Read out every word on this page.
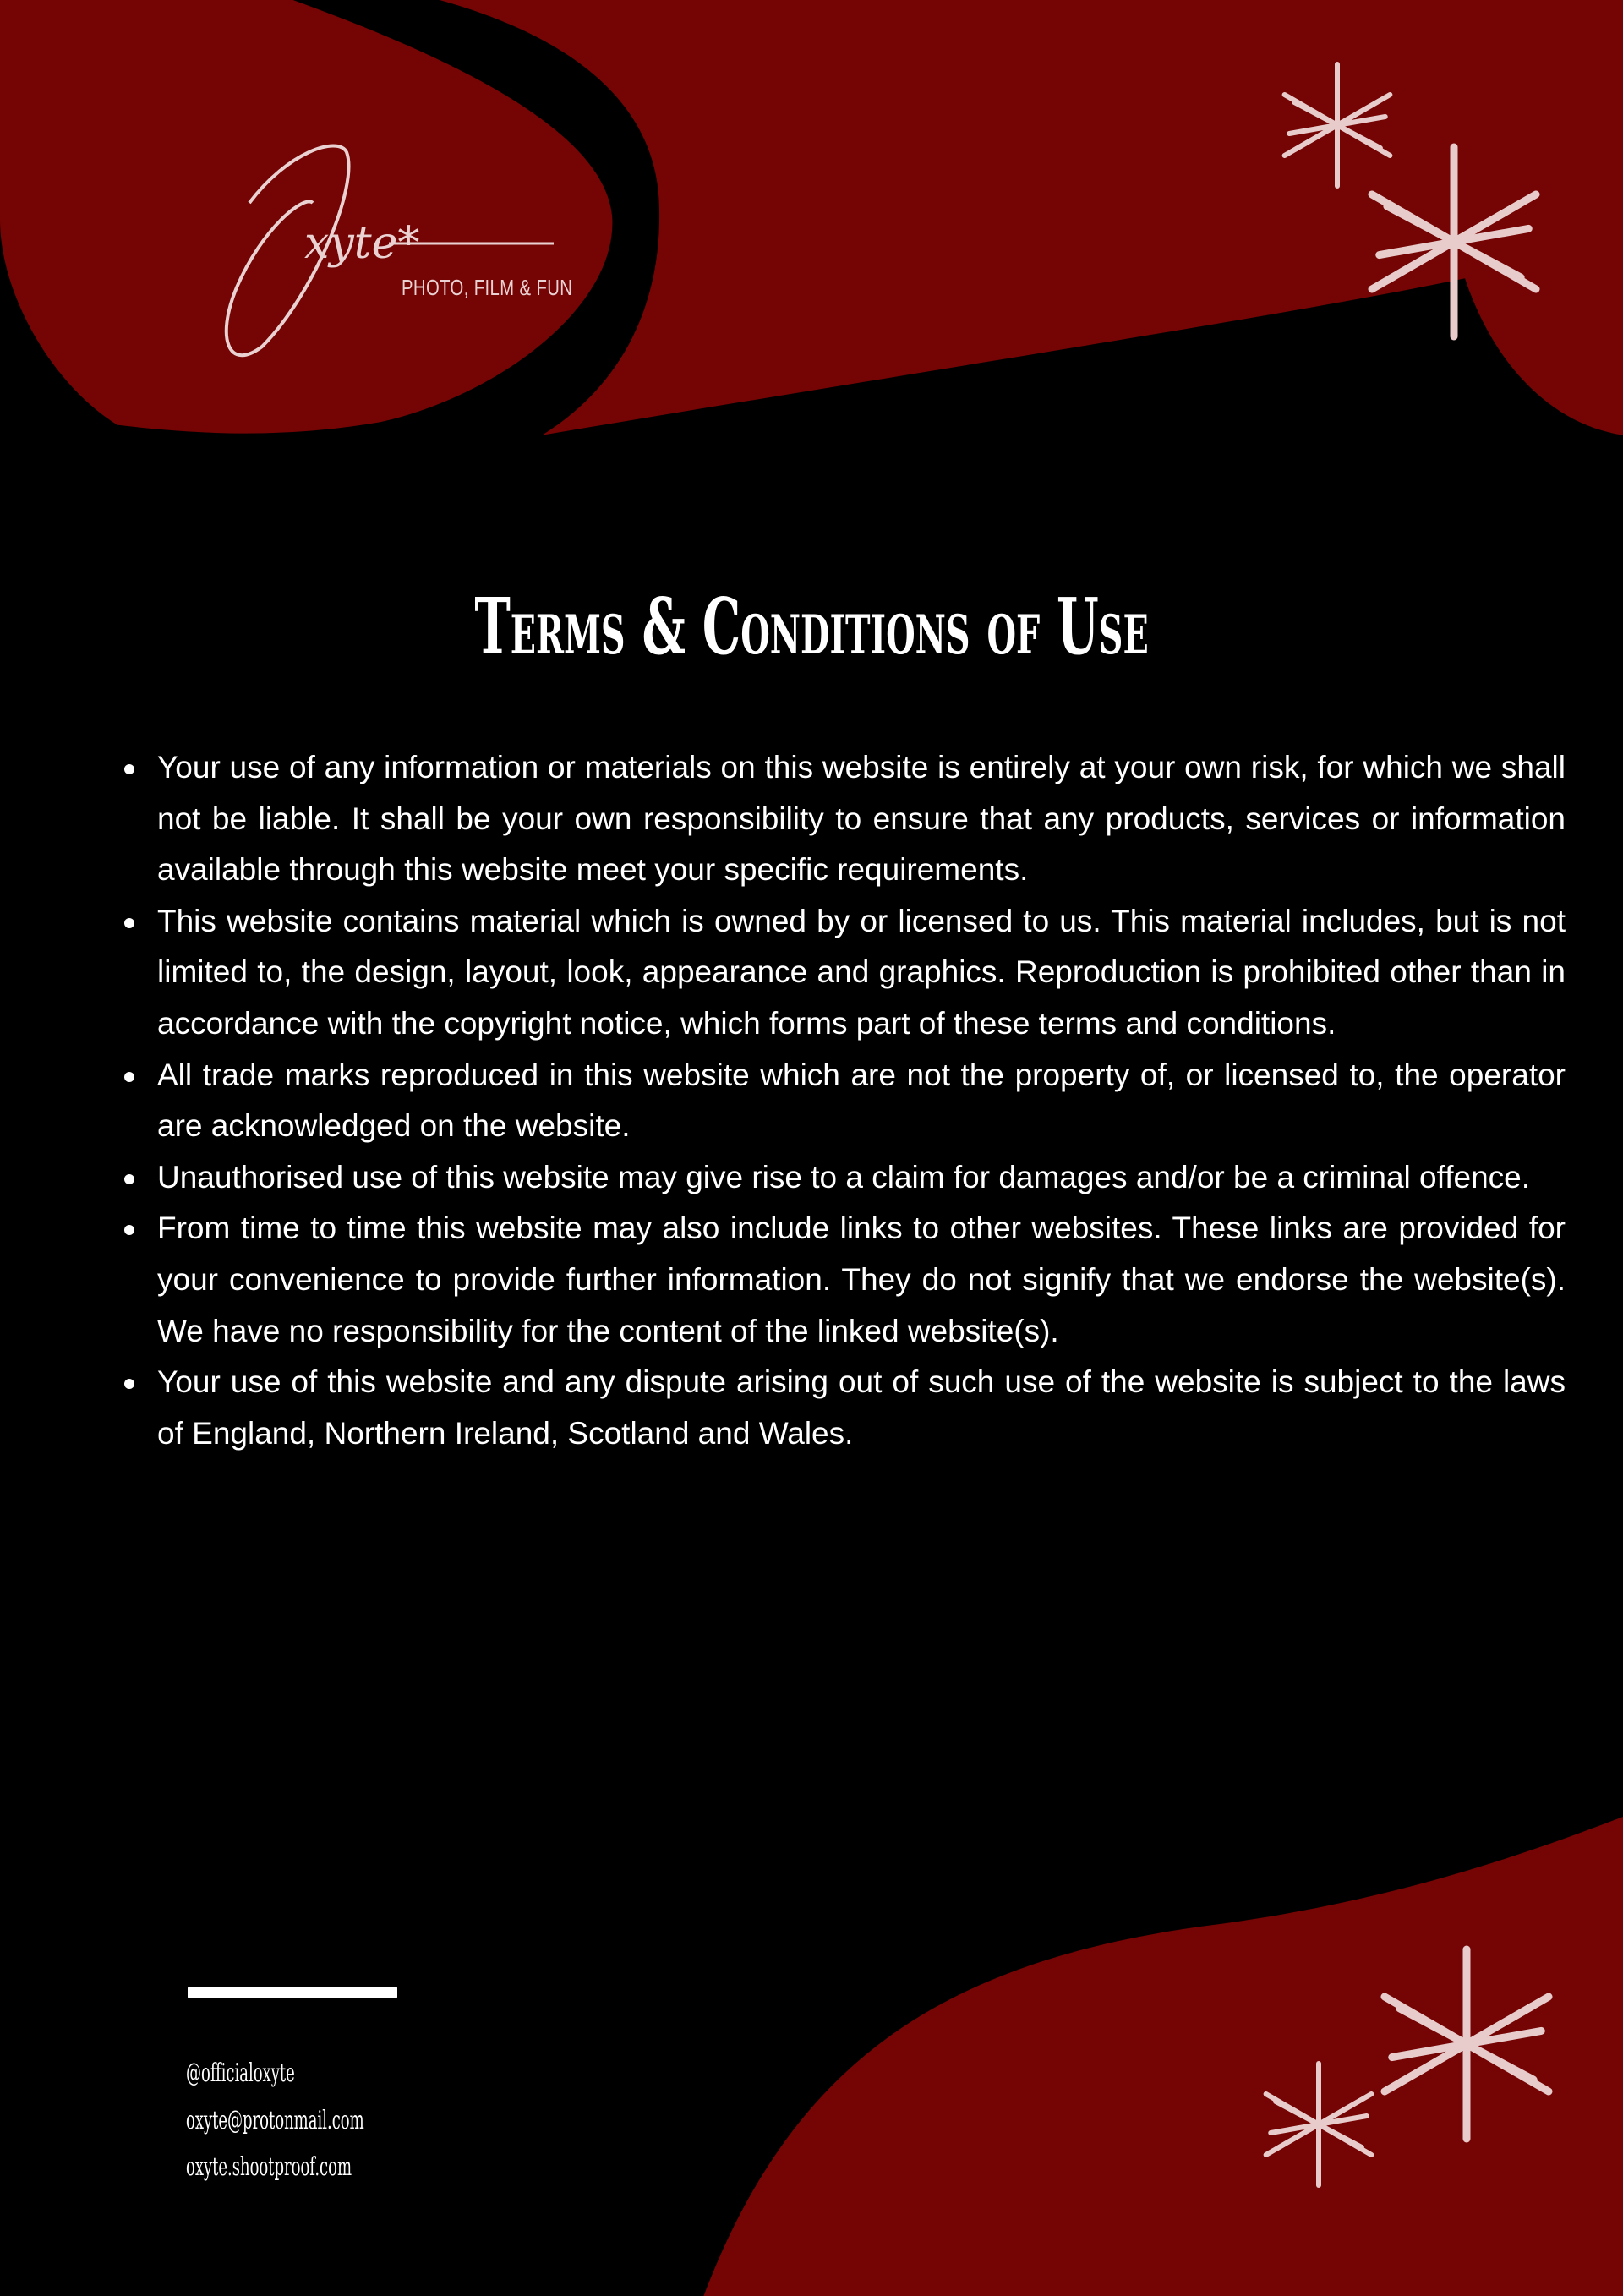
xyte*
PHOTO, FILM & FUN
Terms & Conditions of Use
Your use of any information or materials on this website is entirely at your own risk, for which we shall not be liable. It shall be your own responsibility to ensure that any products, services or information available through this website meet your specific requirements.
This website contains material which is owned by or licensed to us. This material includes, but is not limited to, the design, layout, look, appearance and graphics. Reproduction is prohibited other than in accordance with the copyright notice, which forms part of these terms and conditions.
All trade marks reproduced in this website which are not the property of, or licensed to, the operator are acknowledged on the website.
Unauthorised use of this website may give rise to a claim for damages and/or be a criminal offence.
From time to time this website may also include links to other websites. These links are provided for your convenience to provide further information. They do not signify that we endorse the website(s). We have no responsibility for the content of the linked website(s).
Your use of this website and any dispute arising out of such use of the website is subject to the laws of England, Northern Ireland, Scotland and Wales.
@officialoxyte
oxyte@protonmail.com
oxyte.shootproof.com
